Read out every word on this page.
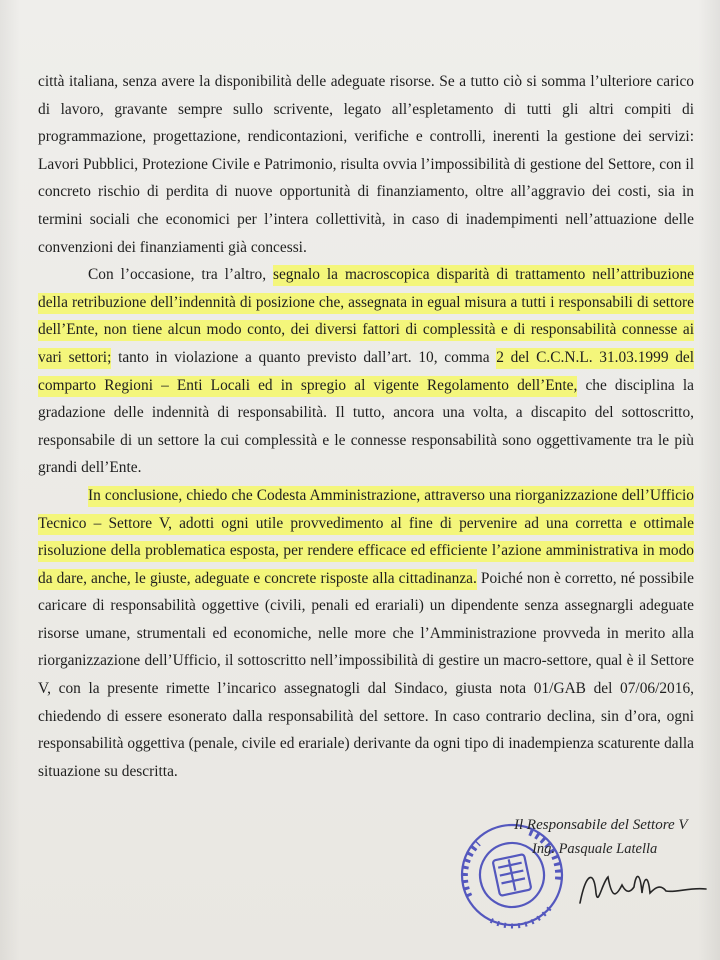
città italiana, senza avere la disponibilità delle adeguate risorse. Se a tutto ciò si somma l’ulteriore carico di lavoro, gravante sempre sullo scrivente, legato all’espletamento di tutti gli altri compiti di programmazione, progettazione, rendicontazioni, verifiche e controlli, inerenti la gestione dei servizi: Lavori Pubblici, Protezione Civile e Patrimonio, risulta ovvia l’impossibilità di gestione del Settore, con il concreto rischio di perdita di nuove opportunità di finanziamento, oltre all’aggravio dei costi, sia in termini sociali che economici per l’intera collettività, in caso di inadempimenti nell’attuazione delle convenzioni dei finanziamenti già concessi.

Con l’occasione, tra l’altro, segnalo la macroscopica disparità di trattamento nell’attribuzione della retribuzione dell’indennità di posizione che, assegnata in egual misura a tutti i responsabili di settore dell’Ente, non tiene alcun modo conto, dei diversi fattori di complessità e di responsabilità connesse ai vari settori; tanto in violazione a quanto previsto dall’art. 10, comma 2 del C.C.N.L. 31.03.1999 del comparto Regioni – Enti Locali ed in spregio al vigente Regolamento dell’Ente, che disciplina la gradazione delle indennità di responsabilità. Il tutto, ancora una volta, a discapito del sottoscritto, responsabile di un settore la cui complessità e le connesse responsabilità sono oggettivamente tra le più grandi dell’Ente.

In conclusione, chiedo che Codesta Amministrazione, attraverso una riorganizzazione dell’Ufficio Tecnico – Settore V, adotti ogni utile provvedimento al fine di pervenire ad una corretta e ottimale risoluzione della problematica esposta, per rendere efficace ed efficiente l’azione amministrativa in modo da dare, anche, le giuste, adeguate e concrete risposte alla cittadinanza. Poiché non è corretto, né possibile caricare di responsabilità oggettive (civili, penali ed erariali) un dipendente senza assegnargli adeguate risorse umane, strumentali ed economiche, nelle more che l’Amministrazione provveda in merito alla riorganizzazione dell’Ufficio, il sottoscritto nell’impossibilità di gestire un macro-settore, qual è il Settore V, con la presente rimette l’incarico assegnatogli dal Sindaco, giusta nota 01/GAB del 07/06/2016, chiedendo di essere esonerato dalla responsabilità del settore. In caso contrario declina, sin d’ora, ogni responsabilità oggettiva (penale, civile ed erariale) derivante da ogni tipo di inadempienza scaturente dalla situazione su descritta.

Il Responsabile del Settore V
Ing. Pasquale Latella
